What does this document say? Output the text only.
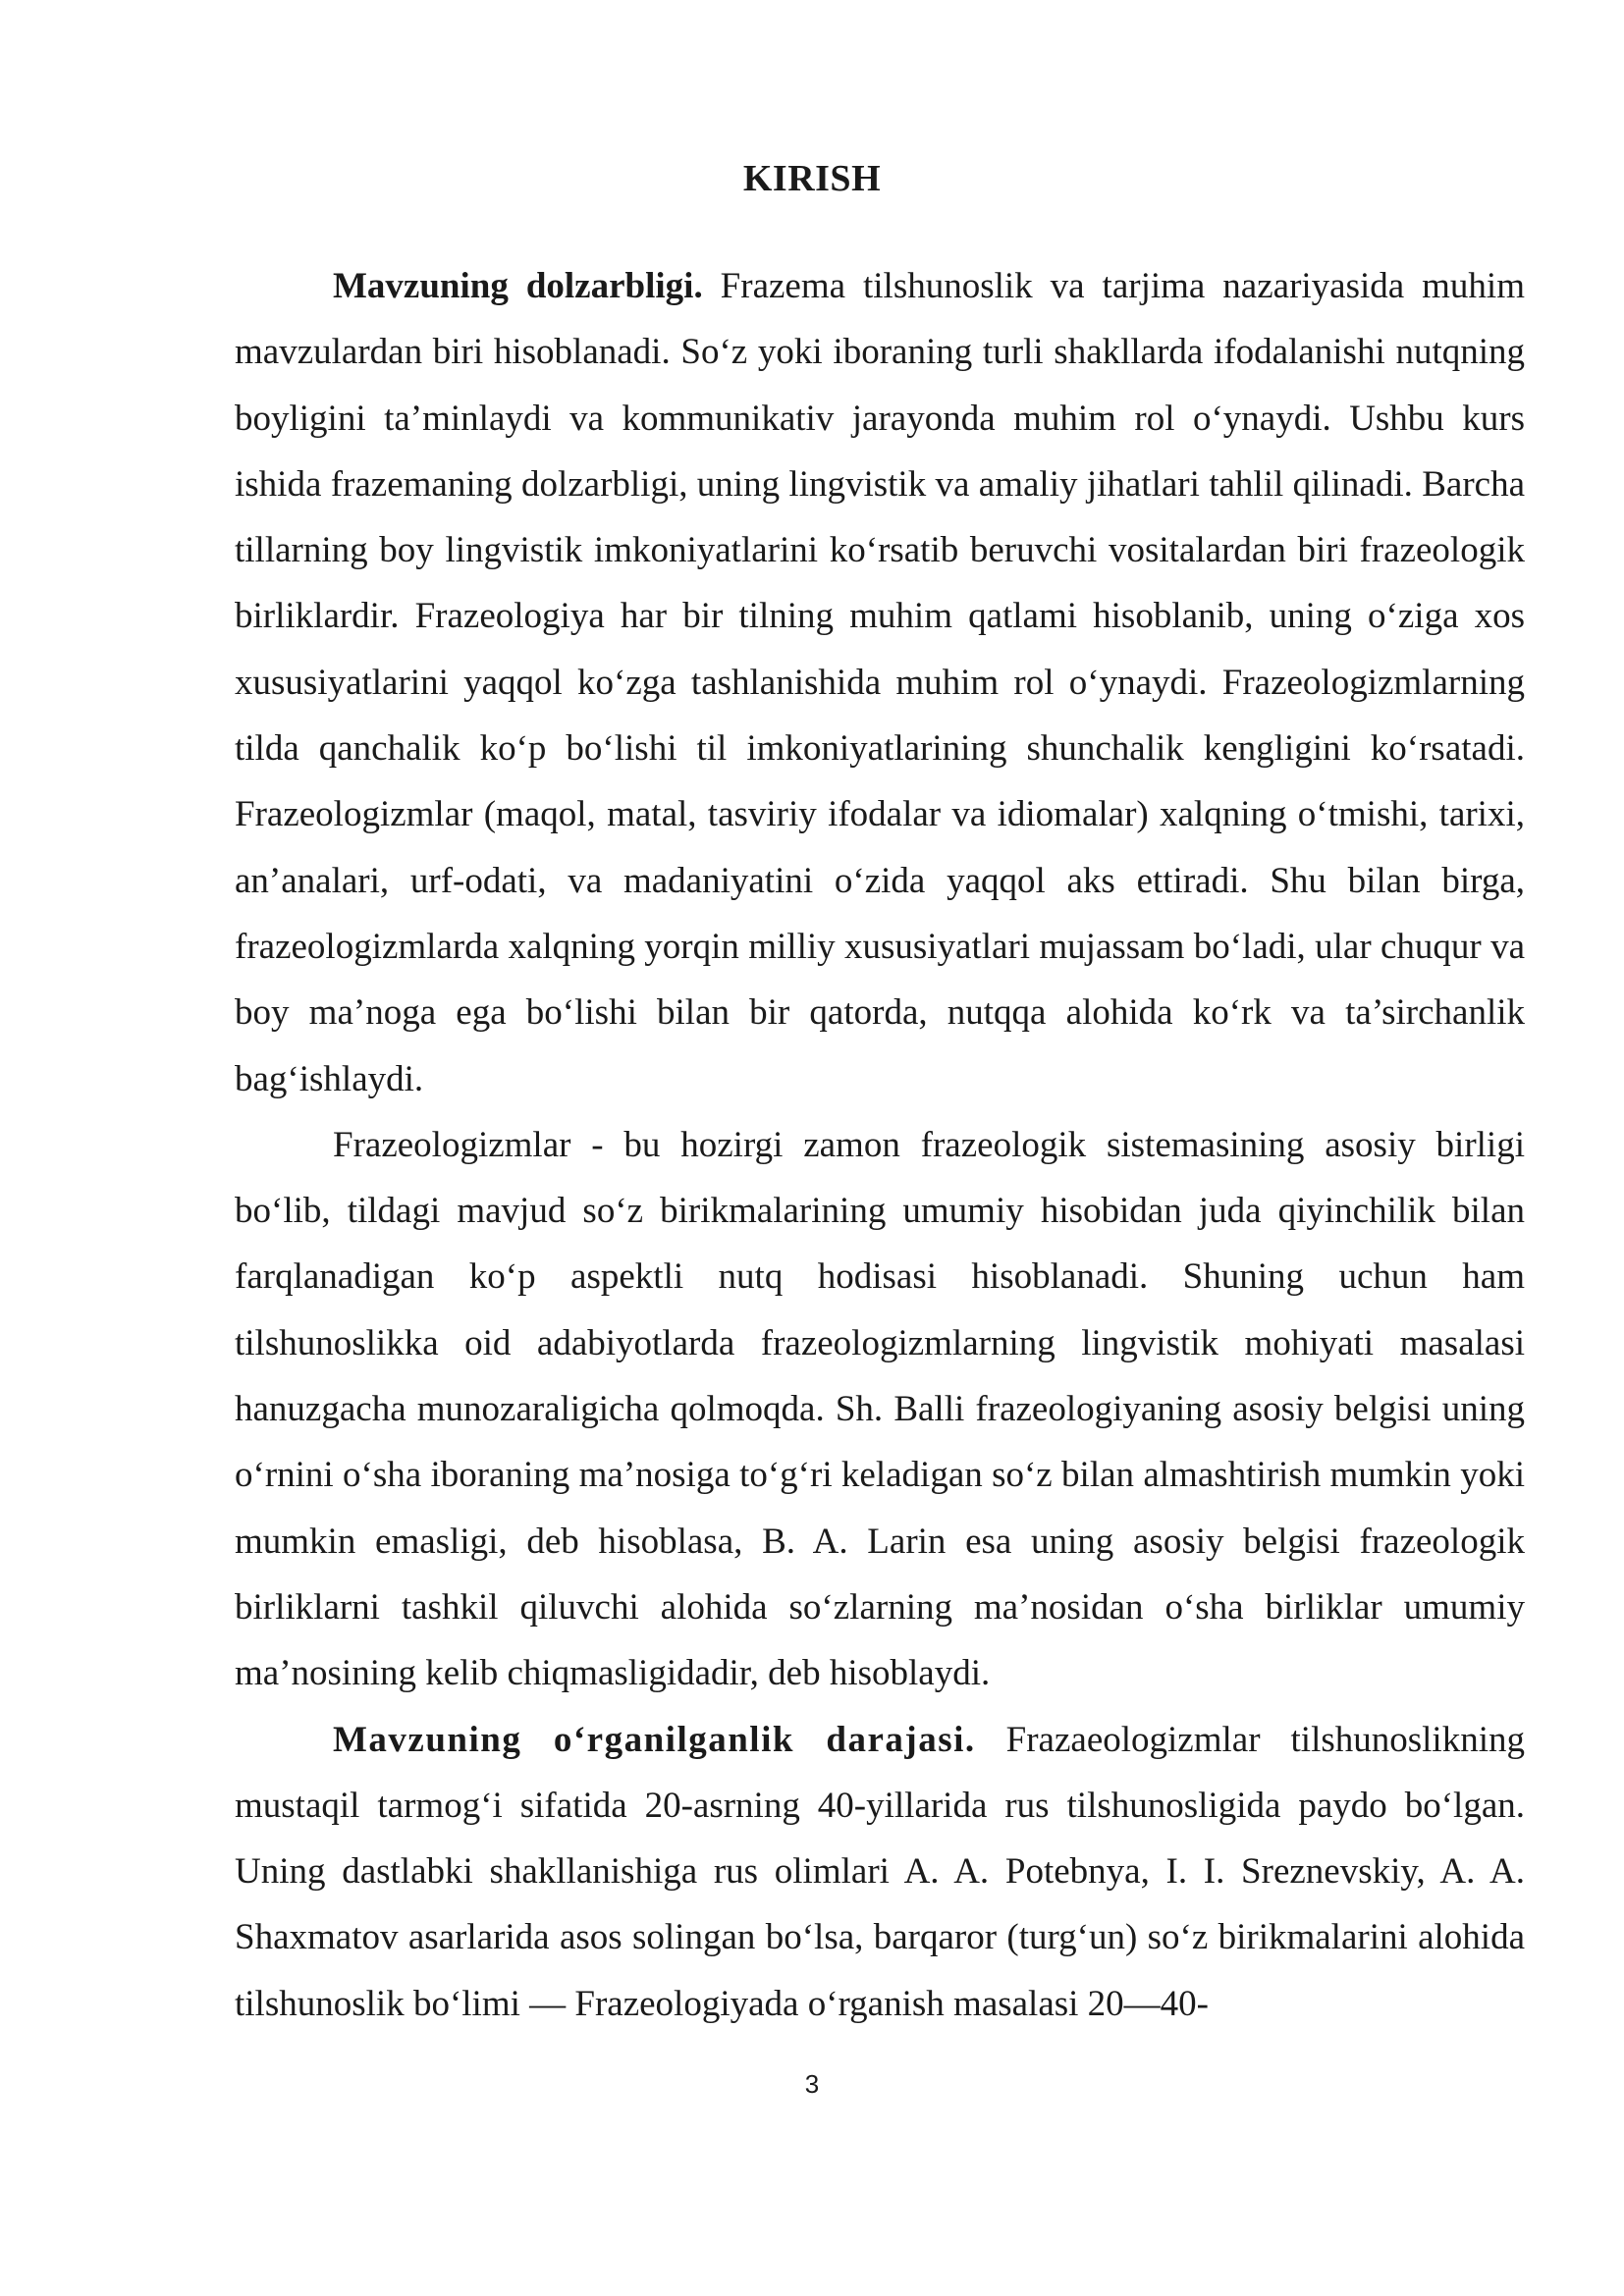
KIRISH

Mavzuning dolzarbligi. Frazema tilshunoslik va tarjima nazariyasida muhim mavzulardan biri hisoblanadi. So‘z yoki iboraning turli shakllarda ifodalanishi nutqning boyligini ta’minlaydi va kommunikativ jarayonda muhim rol o‘ynaydi. Ushbu kurs ishida frazemaning dolzarbligi, uning lingvistik va amaliy jihatlari tahlil qilinadi. Barcha tillarning boy lingvistik imkoniyatlarini ko‘rsatib beruvchi vositalardan biri frazeologik birliklardir. Frazeologiya har bir tilning muhim qatlami hisoblanib, uning o‘ziga xos xususiyatlarini yaqqol ko‘zga tashlanishida muhim rol o‘ynaydi. Frazeologizmlarning tilda qanchalik ko‘p bo‘lishi til imkoniyatlarining shunchalik kengligini ko‘rsatadi. Frazeologizmlar (maqol, matal, tasviriy ifodalar va idiomalar) xalqning o‘tmishi, tarixi, an’analari, urf-odati, va madaniyatini o‘zida yaqqol aks ettiradi. Shu bilan birga, frazeologizmlarda xalqning yorqin milliy xususiyatlari mujassam bo‘ladi, ular chuqur va boy ma’noga ega bo‘lishi bilan bir qatorda, nutqqa alohida ko‘rk va ta’sirchanlik bag‘ishlaydi.

Frazeologizmlar - bu hozirgi zamon frazeologik sistemasining asosiy birligi bo‘lib, tildagi mavjud so‘z birikmalarining umumiy hisobidan juda qiyinchilik bilan farqlanadigan ko‘p aspektli nutq hodisasi hisoblanadi. Shuning uchun ham tilshunoslikka oid adabiyotlarda frazeologizmlarning lingvistik mohiyati masalasi hanuzgacha munozaraligicha qolmoqda. Sh. Balli frazeologiyaning asosiy belgisi uning o‘rnini o‘sha iboraning ma’nosiga to‘g‘ri keladigan so‘z bilan almashtirish mumkin yoki mumkin emasligi, deb hisoblasa, B. A. Larin esa uning asosiy belgisi frazeologik birliklarni tashkil qiluvchi alohida so‘zlarning ma’nosidan o‘sha birliklar umumiy ma’nosining kelib chiqmasligidadir, deb hisoblaydi.

Mavzuning o‘rganilganlik darajasi. Frazaeologizmlar tilshunoslikning mustaqil tarmog‘i sifatida 20-asrning 40-yillarida rus tilshunosligida paydo bo‘lgan. Uning dastlabki shakllanishiga rus olimlari A. A. Potebnya, I. I. Sreznevskiy, A. A. Shaxmatov asarlarida asos solingan bo‘lsa, barqaror (turg‘un) so‘z birikmalarini alohida tilshunoslik bo‘limi — Frazeologiyada o‘rganish masalasi 20—40-

3
